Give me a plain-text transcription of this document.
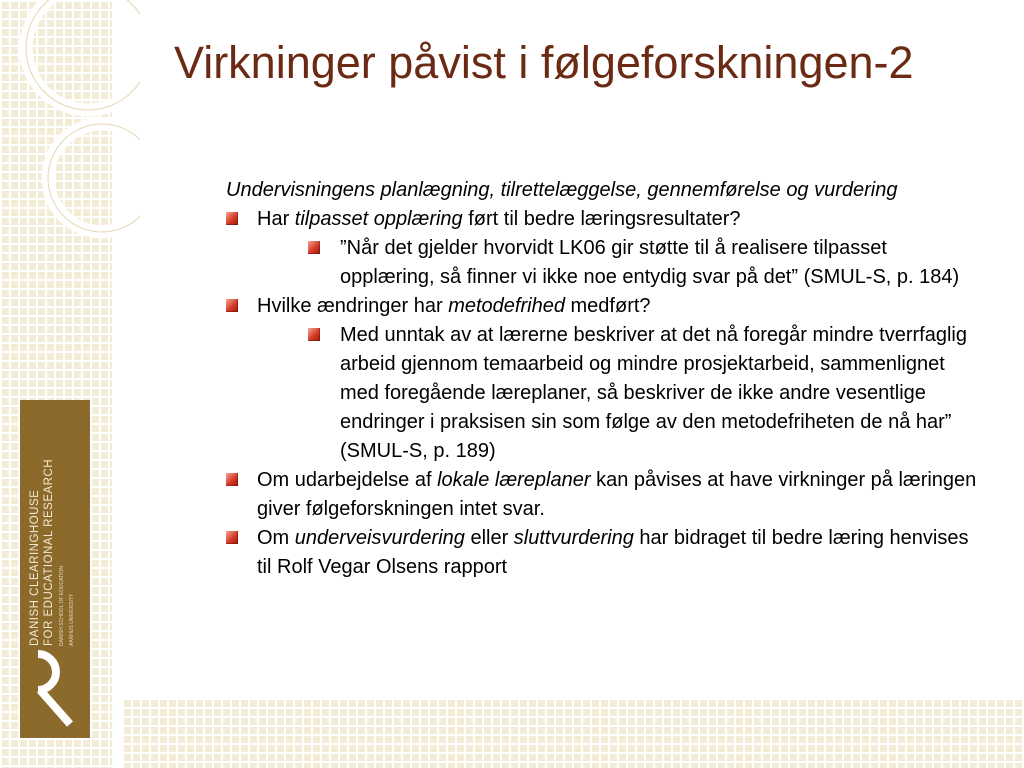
DANISH CLEARINGHOUSE FOR EDUCATIONAL RESEARCH DANISH SCHOOL OF EDUCATION AARHUS UNIVERSITY
Virkninger påvist i følgeforskningen-2

Undervisningens planlægning, tilrettelæggelse, gennemførelse og vurdering

Har tilpasset opplæring ført til bedre læringsresultater?
”Når det gjelder hvorvidt LK06 gir støtte til å realisere tilpasset opplæring, så finner vi ikke noe entydig svar på det” (SMUL-S, p. 184)
Hvilke ændringer har metodefrihed medført?
Med unntak av at lærerne beskriver at det nå foregår mindre tverrfaglig arbeid gjennom temaarbeid og mindre prosjektarbeid, sammenlignet med foregående læreplaner, så beskriver de ikke andre vesentlige endringer i praksisen sin som følge av den metodefriheten de nå har” (SMUL-S, p. 189)
Om udarbejdelse af lokale læreplaner kan påvises at have virkninger på læringen giver følgeforskningen intet svar.
Om underveisvurdering eller sluttvurdering har bidraget til bedre læring henvises til Rolf Vegar Olsens rapport
